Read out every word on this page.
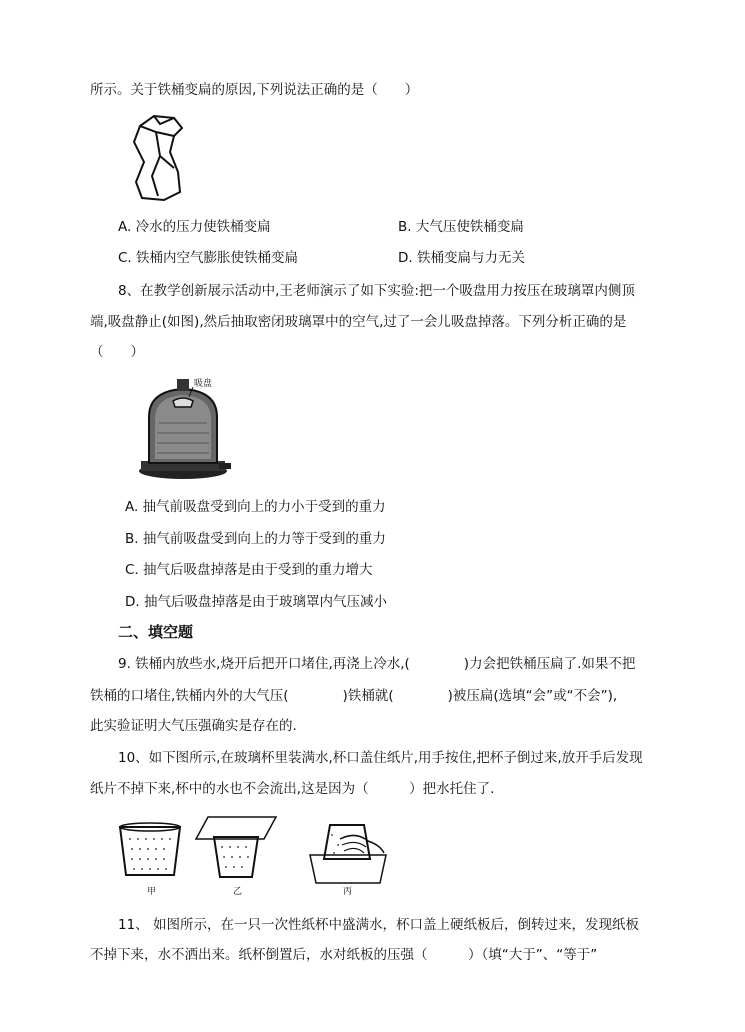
所示。关于铁桶变扁的原因,下列说法正确的是（　　）
A. 冷水的压力使铁桶变扁	B. 大气压使铁桶变扁
C. 铁桶内空气膨胀使铁桶变扁	D. 铁桶变扁与力无关
8、在教学创新展示活动中,王老师演示了如下实验:把一个吸盘用力按压在玻璃罩内侧顶
端,吸盘静止(如图),然后抽取密闭玻璃罩中的空气,过了一会儿吸盘掉落。下列分析正确的是
（　　）
吸盘
A. 抽气前吸盘受到向上的力小于受到的重力
B. 抽气前吸盘受到向上的力等于受到的重力
C. 抽气后吸盘掉落是由于受到的重力增大
D. 抽气后吸盘掉落是由于玻璃罩内气压减小
二、填空题
9. 铁桶内放些水,烧开后把开口堵住,再浇上冷水,(　　　　)力会把铁桶压扁了.如果不把
铁桶的口堵住,铁桶内外的大气压(　　　　)铁桶就(　　　　)被压扁(选填“会”或“不会”),
此实验证明大气压强确实是存在的.
10、如下图所示,在玻璃杯里装满水,杯口盖住纸片,用手按住,把杯子倒过来,放开手后发现
纸片不掉下来,杯中的水也不会流出,这是因为（　　　）把水托住了.
甲	乙	丙
11、 如图所示，在一只一次性纸杯中盛满水，杯口盖上硬纸板后，倒转过来，发现纸板
不掉下来，水不洒出来。纸杯倒置后，水对纸板的压强（　　　）（填“大于”、“等于”
